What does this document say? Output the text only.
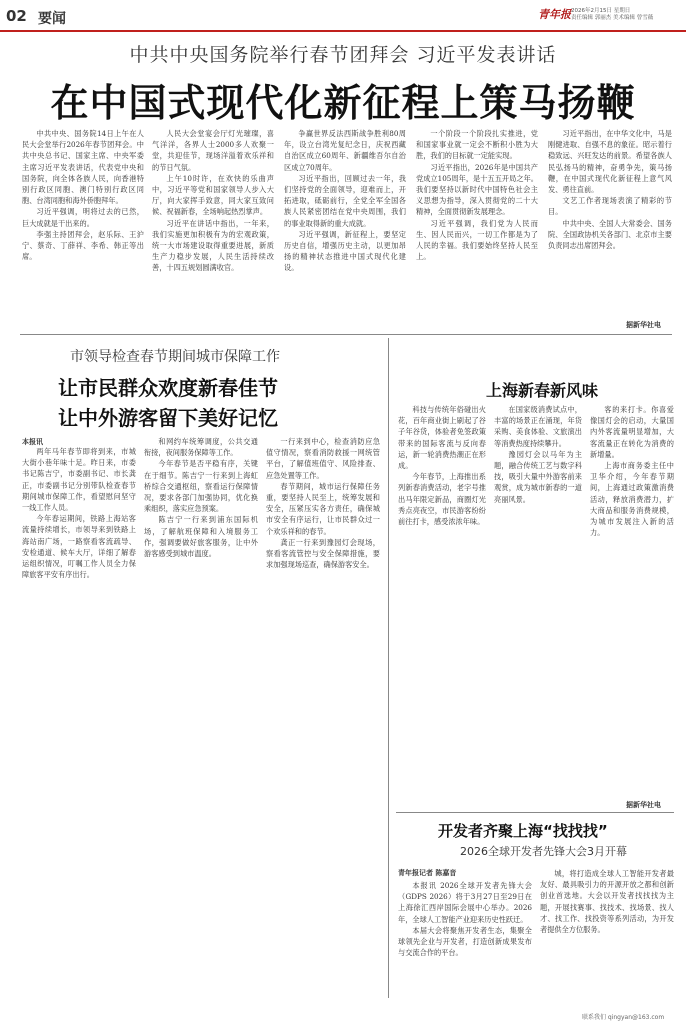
02 要闻	青年报 2026年2月15日 星期日
责任编辑 郭丽杰 美术编辑 曾雪薇
中共中央国务院举行春节团拜会 习近平发表讲话
在中国式现代化新征程上策马扬鞭

中共中央、国务院14日上午在人民大会堂举行2026年春节团拜会。中共中央总书记、国家主席、中央军委主席习近平发表讲话，代表党中央和国务院，向全体各族人民，向香港特别行政区同胞、澳门特别行政区同胞、台湾同胞和海外侨胞拜年。

习近平强调，明将过去的已然，巨大成就是干出来的。

李强主持团拜会，赵乐际、王沪宁、蔡奇、丁薛祥、李希、韩正等出席。

人民大会堂宴会厅灯光璀璨，喜气洋洋，各界人士2000多人欢聚一堂，共迎佳节，现场洋溢着欢乐祥和的节日气氛。

上午10时许，在欢快的乐曲声中，习近平等党和国家领导人步入大厅，向大家挥手致意，同大家互致问候、祝福新春，全场响起热烈掌声。

习近平在讲话中指出，一年来，我们实施更加积极有为的宏观政策，统一大市场建设取得重要进展，新质生产力稳步发展，人民生活持续改善，十四五规划圆满收官。

争赢世界反法西斯战争胜利80周年，设立台湾光复纪念日，庆祝西藏自治区成立60周年、新疆维吾尔自治区成立70周年。

习近平指出，回顾过去一年，我们坚持党的全面领导，迎难而上，开拓进取，砥砺前行，全党全军全国各族人民紧密团结在党中央周围，我们的事业取得新的重大成就。

习近平强调，新征程上，要坚定历史自信，增强历史主动，以更加昂扬的精神状态推进中国式现代化建设。

一个阶段一个阶段扎实推进，党和国家事业就一定会不断积小胜为大胜，我们的目标就一定能实现。

习近平指出，2026年是中国共产党成立105周年，是十五五开局之年。我们要坚持以新时代中国特色社会主义思想为指导，深入贯彻党的二十大精神，全面贯彻新发展理念。

习近平强调，我们党为人民而生、因人民而兴，一切工作都是为了人民的幸福。我们要始终坚持人民至上。

习近平指出，在中华文化中，马是刚健进取、自强不息的象征。昭示着行稳致远、兴旺发达的前景。希望各族人民弘扬马的精神，奋勇争先，策马扬鞭，在中国式现代化新征程上意气风发、勇往直前。

文艺工作者现场表演了精彩的节目。

中共中央、全国人大常委会、国务院、全国政协机关各部门、北京市主要负责同志出席团拜会。

据新华社电
市领导检查春节期间城市保障工作
让市民群众欢度新春佳节
让中外游客留下美好记忆
本报讯

两年马年春节即将到来，市城大街小巷年味十足。昨日来，市委书记陈吉宁，市委副书记、市长龚正，市委副书记分别带队检查春节期间城市保障工作，看望慰问坚守一线工作人员。

今年春运期间，铁路上海站客流量持续增长，市领导来到铁路上海站南广场，一路察看客流疏导、安检通道、候车大厅，详细了解春运组织情况，叮嘱工作人员全力保障旅客平安有序出行。

和网约车统筹调度，公共交通衔接，夜间服务保障等工作。

今年春节是否平稳有序，关键在于细节。陈吉宁一行来到上海虹桥综合交通枢纽，察看运行保障情况，要求各部门加强协同，优化换乘组织，落实应急预案。

陈吉宁一行来到浦东国际机场，了解航班保障和入境服务工作，强调要做好旅客服务，让中外游客感受到城市温度。

一行来到中心，检查消防应急值守情况，察看消防救援一网统管平台，了解值班值守、风险排查、应急处置等工作。

春节期间，城市运行保障任务重，要坚持人民至上，统筹发展和安全，压紧压实各方责任，确保城市安全有序运行，让市民群众过一个欢乐祥和的春节。

龚正一行来到豫园灯会现场，察看客流管控与安全保障措施，要求加强现场巡查，确保游客安全。

上海新春新风味

科技与传统年俗碰出火花，百年商业街上刷起了谷子年谷货，体验者免签政策带来的国际客流与反向春运，新一轮消费热潮正在形成。

今年春节，上海推出系列新春消费活动，老字号推出马年限定新品，商圈灯光秀点亮夜空，市民游客纷纷前往打卡，感受浓浓年味。

在国家级消费试点中，丰富的场景正在涌现，年货采购、美食体验、文旅演出等消费热度持续攀升。

豫园灯会以马年为主题，融合传统工艺与数字科技，吸引大量中外游客前来观赏，成为城市新春的一道亮丽风景。

客的来打卡。你喜爱像国灯会的启动，大量国内外客流量明显增加，大客流量正在转化为消费的新增量。

上海市商务委主任中卫华介绍，今年春节期间，上海通过政策激消费活动，释放消费潜力，扩大商品和服务消费规模，为城市发展注入新的活力。

据新华社电
开发者齐聚上海“找找找”
2026全球开发者先锋大会3月开幕
青年报记者 陈嘉音

本报讯 2026全球开发者先锋大会（GDPS 2026）将于3月27日至29日在上海徐汇西岸国际会展中心举办。2026年，全球人工智能产业迎来历史性跃迁。

本届大会将聚焦开发者生态，集聚全球领先企业与开发者，打造创新成果发布与交流合作的平台。

城，将打造成全球人工智能开发者最友好、最具吸引力的开源开放之都和创新创业首选地。大会以开发者找找找为主题，开展找赛事、找技术、找场景、找人才、找工作、找投资等系列活动，为开发者提供全方位服务。

联系我们 qingyan@163.com
